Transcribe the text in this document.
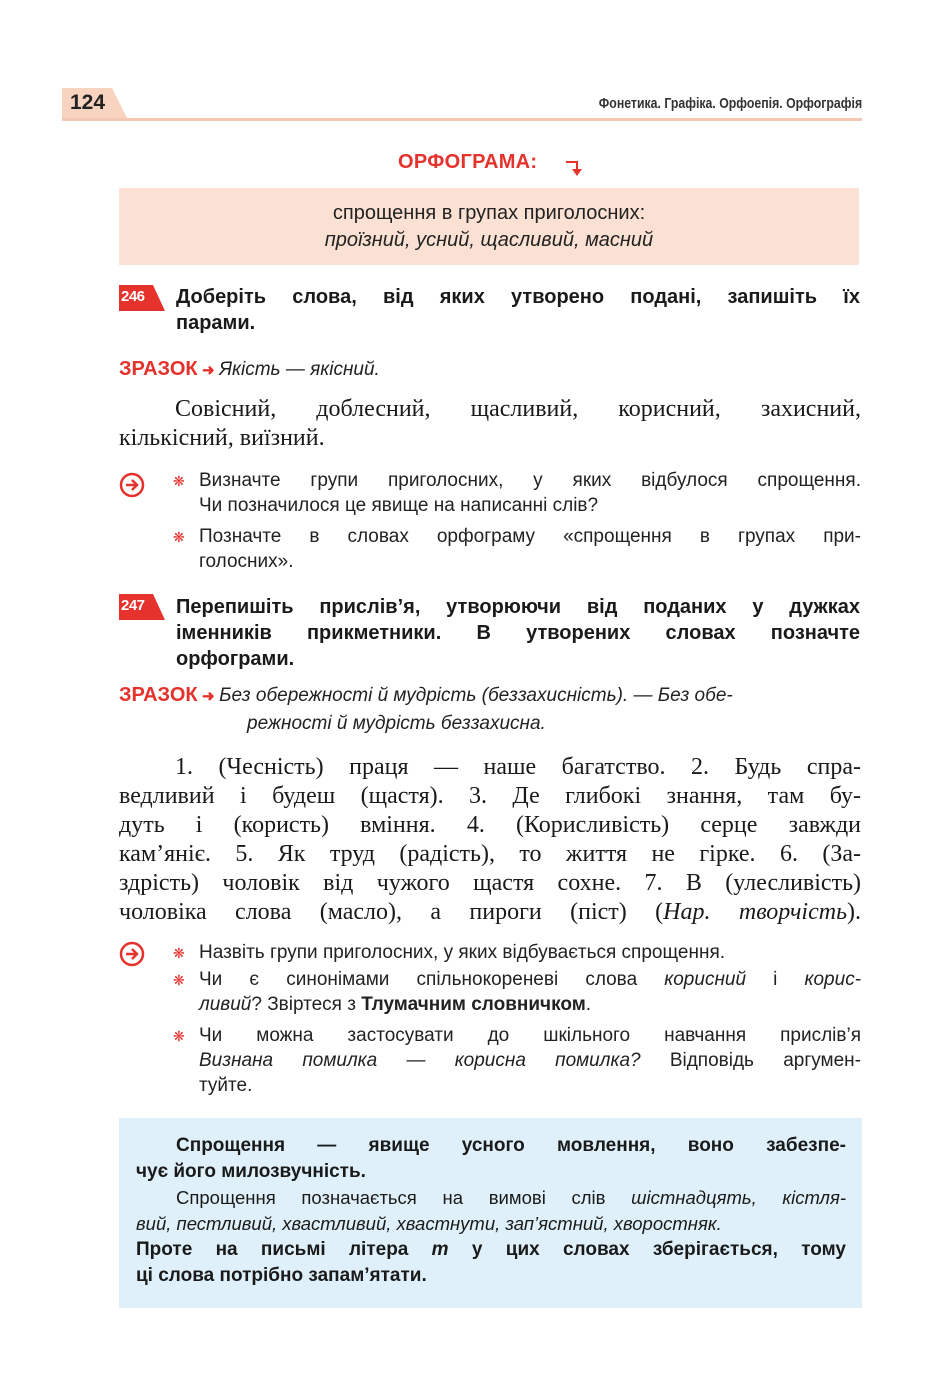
124	Фонетика. Графіка. Орфоепія. Орфографія
ОРФОГРАМА:
спрощення в групах приголосних:
проїзний, усний, щасливий, масний
246 Доберіть слова, від яких утворено подані, запишіть їх
парами.
ЗРАЗОК ➜ Якість — якісний.
Совісний, доблесний, щасливий, корисний, захисний,
кількісний, виїзний.
❋ Визначте групи приголосних, у яких відбулося спрощення.
Чи позначилося це явище на написанні слів?
❋ Позначте в словах орфограму «спрощення в групах при-
голосних».
247 Перепишіть прислів’я, утворюючи від поданих у дужках
іменників прикметники. В утворених словах позначте
орфограми.
ЗРАЗОК ➜ Без обережності й мудрість (беззахисність). — Без обе-
режності й мудрість беззахисна.
1. (Чесність) праця — наше багатство. 2. Будь спра-
ведливий і будеш (щастя). 3. Де глибокі знання, там бу-
дуть і (користь) вміння. 4. (Корисливість) серце завжди
кам’яніє. 5. Як труд (радість), то життя не гірке. 6. (За-
здрість) чоловік від чужого щастя сохне. 7. В (улесливість)
чоловіка слова (масло), а пироги (піст) (Нар. творчість).
❋ Назвіть групи приголосних, у яких відбувається спрощення.
❋ Чи є синонімами спільнокореневі слова корисний і корис-
ливий? Звіртеся з Тлумачним словничком.
❋ Чи можна застосувати до шкільного навчання прислів’я
Визнана помилка — корисна помилка? Відповідь аргумен-
туйте.
Спрощення — явище усного мовлення, воно забезпе-
чує його милозвучність.
Спрощення позначається на вимові слів шістнадцять, кістля-
вий, пестливий, хвастливий, хвастнути, зап’ястний, хворостняк.
Проте на письмі літера т у цих словах зберігається, тому
ці слова потрібно запам’ятати.
